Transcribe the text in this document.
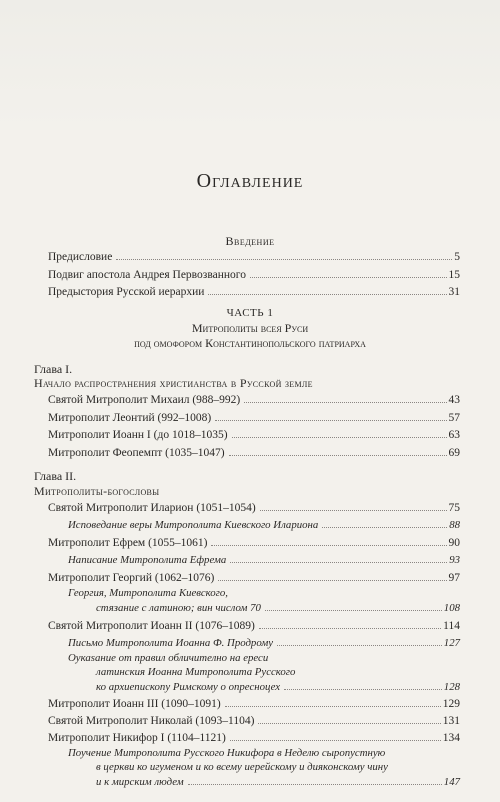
Оглавление
Введение
Предисловие	5
Подвиг апостола Андрея Первозванного	15
Предыстория Русской иерархии	31
ЧАСТЬ 1
Митрополиты всея Руси
под омофором Константинопольского патриарха
Глава I.
Начало распространения христианства в Русской земле
Святой Митрополит Михаил (988–992)	43
Митрополит Леонтий (992–1008)	57
Митрополит Иоанн I (до 1018–1035)	63
Митрополит Феопемпт (1035–1047)	69
Глава II.
Митрополиты-богословы
Святой Митрополит Иларион (1051–1054)	75
Исповедание веры Митрополита Киевского Илариона	88
Митрополит Ефрем (1055–1061)	90
Написание Митрополита Ефрема	93
Митрополит Георгий (1062–1076)	97
Георгия, Митрополита Киевского,
стязание с латиною; вин числом 70	108
Святой Митрополит Иоанн II (1076–1089)	114
Письмо Митрополита Иоанна Ф. Продрому	127
Оукаsание от правил обличително на ереси
латинския Иоанна Митрополита Русского
ко архиепископу Римскому о опресноцех	128
Митрополит Иоанн III (1090–1091)	129
Святой Митрополит Николай (1093–1104)	131
Митрополит Никифор I (1104–1121)	134
Поучение Митрополита Русского Никифора в Неделю сыропустную
в церкви ко игуменом и ко всему иерейскому и дияконскому чину
и к мирским людем	147
